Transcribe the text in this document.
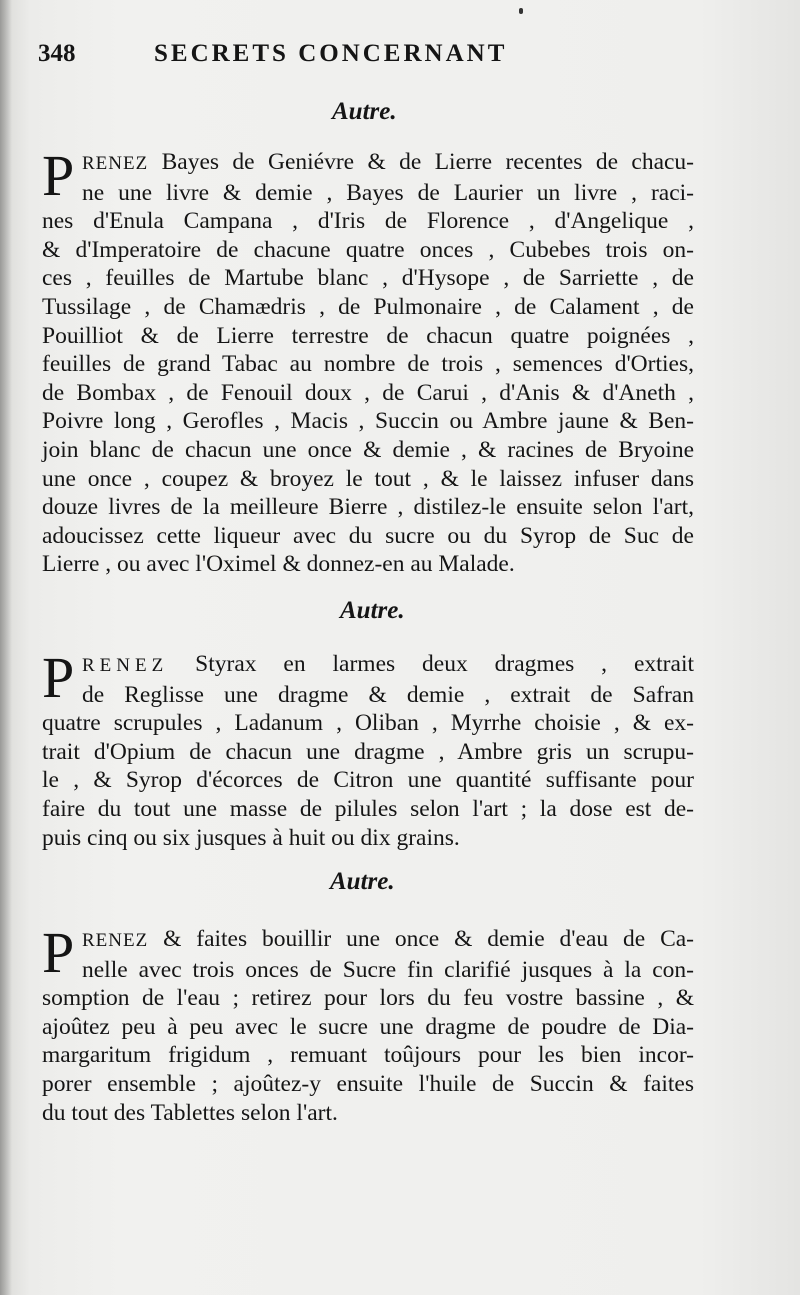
348	SECRETS CONCERNANT
Autre.
P RENEZ Bayes de Geniévre & de Lierre recentes de chacu-
ne une livre & demie , Bayes de Laurier un livre , raci-
nes d'Enula Campana , d'Iris de Florence , d'Angelique ,
& d'Imperatoire de chacune quatre onces , Cubebes trois on-
ces , feuilles de Martube blanc , d'Hysope , de Sarriette , de
Tussilage , de Chamædris , de Pulmonaire , de Calament , de
Pouilliot & de Lierre terrestre de chacun quatre poignées ,
feuilles de grand Tabac au nombre de trois , semences d'Orties,
de Bombax , de Fenouil doux , de Carui , d'Anis & d'Aneth ,
Poivre long , Gerofles , Macis , Succin ou Ambre jaune & Ben-
join blanc de chacun une once & demie , & racines de Bryoine
une once , coupez & broyez le tout , & le laissez infuser dans
douze livres de la meilleure Bierre , distilez-le ensuite selon l'art,
adoucissez cette liqueur avec du sucre ou du Syrop de Suc de
Lierre , ou avec l'Oximel & donnez-en au Malade.
Autre.
P RENEZ Styrax en larmes deux dragmes , extrait
de Reglisse une dragme & demie , extrait de Safran
quatre scrupules , Ladanum , Oliban , Myrrhe choisie , & ex-
trait d'Opium de chacun une dragme , Ambre gris un scrupu-
le , & Syrop d'écorces de Citron une quantité suffisante pour
faire du tout une masse de pilules selon l'art ; la dose est de-
puis cinq ou six jusques à huit ou dix grains.
Autre.
P RENEZ & faites bouillir une once & demie d'eau de Ca-
nelle avec trois onces de Sucre fin clarifié jusques à la con-
somption de l'eau ; retirez pour lors du feu vostre bassine , &
ajoûtez peu à peu avec le sucre une dragme de poudre de Dia-
margaritum frigidum , remuant toûjours pour les bien incor-
porer ensemble ; ajoûtez-y ensuite l'huile de Succin & faites
du tout des Tablettes selon l'art.
